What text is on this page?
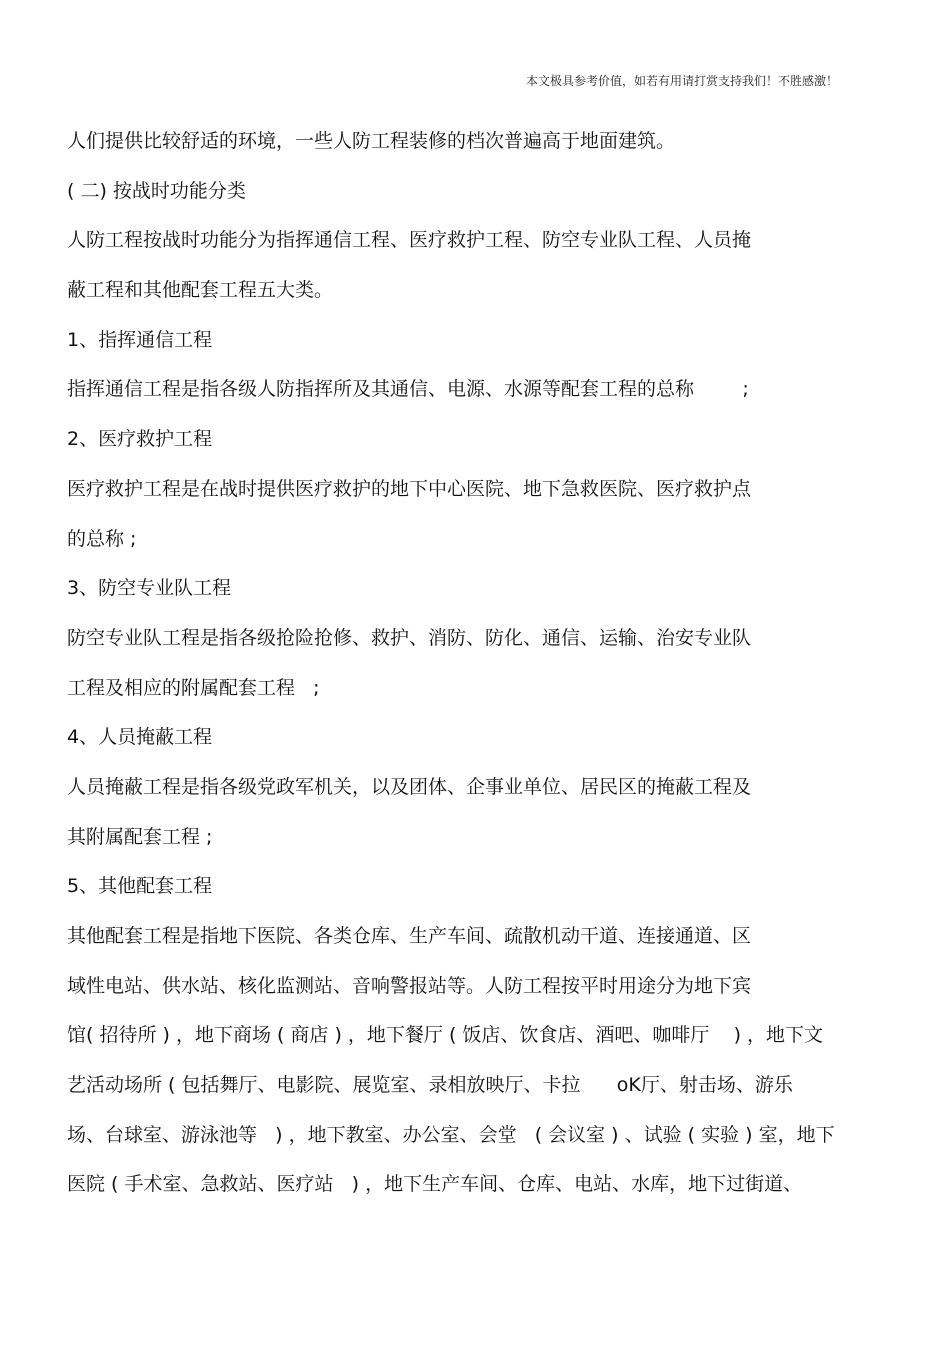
本文极具参考价值，如若有用请打赏支持我们！不胜感激！
人们提供比较舒适的环境，一些人防工程装修的档次普遍高于地面建筑。
( 二) 按战时功能分类
人防工程按战时功能分为指挥通信工程、医疗救护工程、防空专业队工程、人员掩
蔽工程和其他配套工程五大类。
1、指挥通信工程
指挥通信工程是指各级人防指挥所及其通信、电源、水源等配套工程的总称        ;
2、医疗救护工程
医疗救护工程是在战时提供医疗救护的地下中心医院、地下急救医院、医疗救护点
的总称 ;
3、防空专业队工程
防空专业队工程是指各级抢险抢修、救护、消防、防化、通信、运输、治安专业队
工程及相应的附属配套工程   ;
4、人员掩蔽工程
人员掩蔽工程是指各级党政军机关，以及团体、企事业单位、居民区的掩蔽工程及
其附属配套工程 ;
5、其他配套工程
其他配套工程是指地下医院、各类仓库、生产车间、疏散机动干道、连接通道、区
域性电站、供水站、核化监测站、音响警报站等。人防工程按平时用途分为地下宾
馆( 招待所 ) ，地下商场 ( 商店 ) ，地下餐厅 ( 饭店、饮食店、酒吧、咖啡厅    ) ，地下文
艺活动场所 ( 包括舞厅、电影院、展览室、录相放映厅、卡拉      oK厅、射击场、游乐
场、台球室、游泳池等   ) ，地下教室、办公室、会堂   ( 会议室 ) 、试验 ( 实验 ) 室，地下
医院 ( 手术室、急救站、医疗站   ) ，地下生产车间、仓库、电站、水库，地下过街道、
